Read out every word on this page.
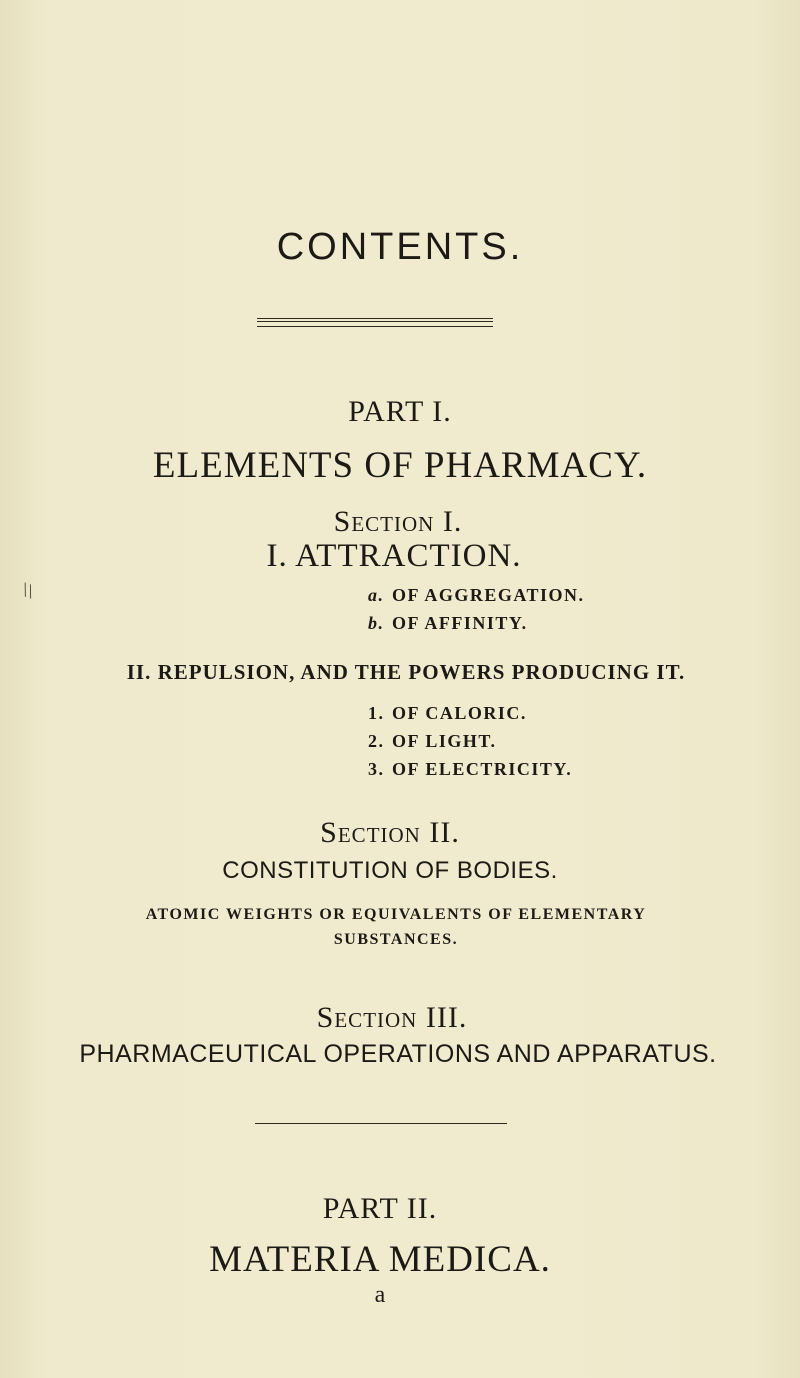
CONTENTS.
PART I.
ELEMENTS OF PHARMACY.
Section I.
I. ATTRACTION.
\\	a. OF AGGREGATION.
b. OF AFFINITY.
II. REPULSION, AND THE POWERS PRODUCING IT.
1. OF CALORIC.
2. OF LIGHT.
3. OF ELECTRICITY.
Section II.
CONSTITUTION OF BODIES.
ATOMIC WEIGHTS OR EQUIVALENTS OF ELEMENTARY
SUBSTANCES.
Section III.
PHARMACEUTICAL OPERATIONS AND APPARATUS.
PART II.
MATERIA MEDICA.
a
